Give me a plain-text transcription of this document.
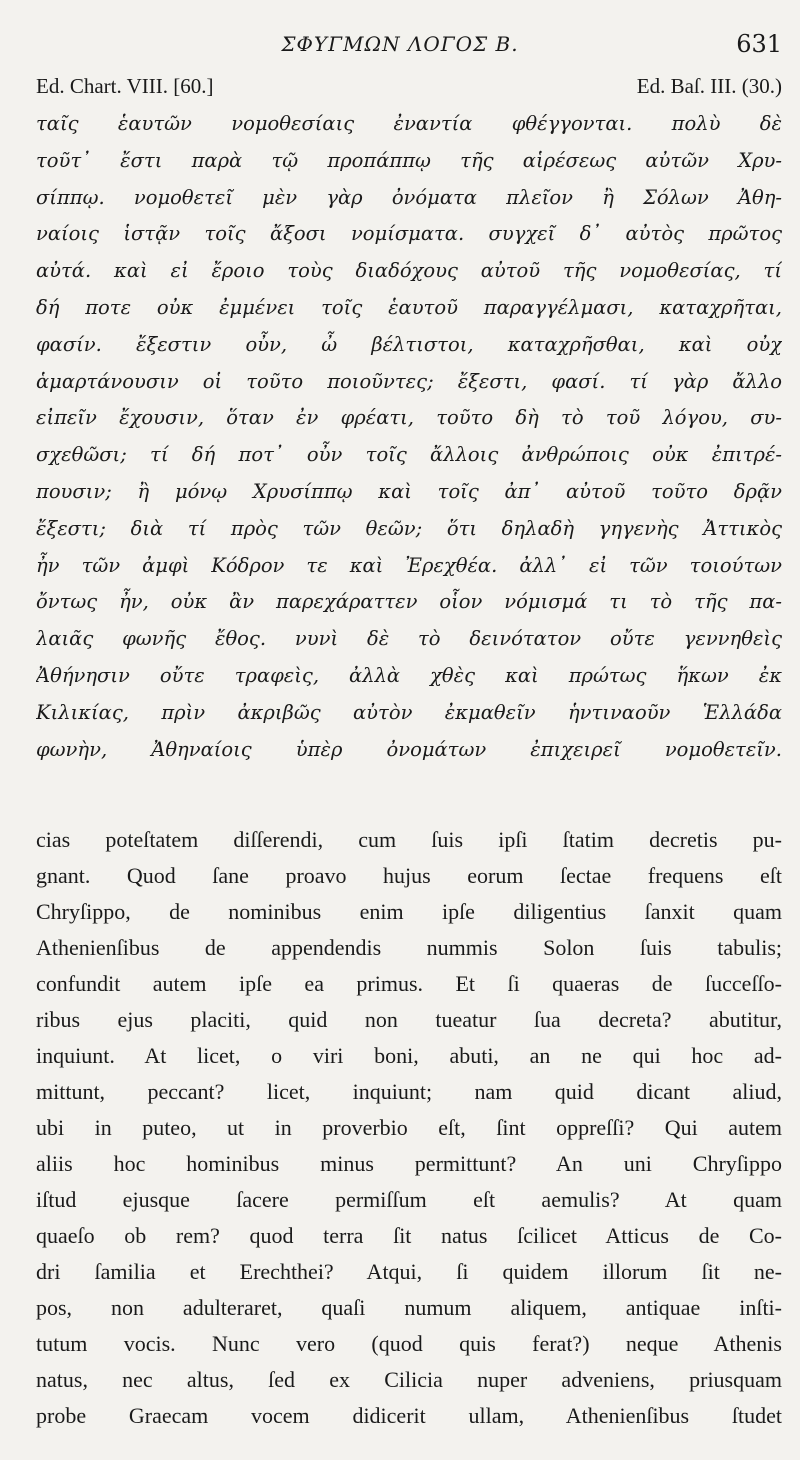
ΣΦΥΓΜΩΝ ΛΟΓΟΣ Β.	631
Ed. Chart. VIII. [60.]	Ed. Baſ. III. (30.)
ταῖς ἑαυτῶν νομοθεσίαις ἐναντία φθέγγονται. πολὺ δὲ
τοῦτ᾽ ἔστι παρὰ τῷ προπάππῳ τῆς αἱρέσεως αὐτῶν Χρυ-
σίππῳ. νομοθετεῖ μὲν γὰρ ὀνόματα πλεῖον ἢ Σόλων Ἀθη-
ναίοις ἱστᾷν τοῖς ἄξοσι νομίσματα. συγχεῖ δ᾽ αὐτὸς πρῶτος
αὐτά. καὶ εἰ ἔροιο τοὺς διαδόχους αὐτοῦ τῆς νομοθεσίας, τί
δή ποτε οὐκ ἐμμένει τοῖς ἑαυτοῦ παραγγέλμασι, καταχρῆται,
φασίν. ἔξεστιν οὖν, ὦ βέλτιστοι, καταχρῆσθαι, καὶ οὐχ
ἁμαρτάνουσιν οἱ τοῦτο ποιοῦντες; ἔξεστι, φασί. τί γὰρ ἄλλο
εἰπεῖν ἔχουσιν, ὅταν ἐν φρέατι, τοῦτο δὴ τὸ τοῦ λόγου, συ-
σχεθῶσι; τί δή ποτ᾽ οὖν τοῖς ἄλλοις ἀνθρώποις οὐκ ἐπιτρέ-
πουσιν; ἢ μόνῳ Χρυσίππῳ καὶ τοῖς ἀπ᾽ αὐτοῦ τοῦτο δρᾷν
ἔξεστι; διὰ τί πρὸς τῶν θεῶν; ὅτι δηλαδὴ γηγενὴς Ἀττικὸς
ἦν τῶν ἀμφὶ Κόδρον τε καὶ Ἐρεχθέα. ἀλλ᾽ εἰ τῶν τοιούτων
ὄντως ἦν, οὐκ ἂν παρεχάραττεν οἷον νόμισμά τι τὸ τῆς πα-
λαιᾶς φωνῆς ἔθος. νυνὶ δὲ τὸ δεινότατον οὔτε γεννηθεὶς
Ἀθήνησιν οὔτε τραφεὶς, ἀλλὰ χθὲς καὶ πρώτως ἥκων ἐκ
Κιλικίας, πρὶν ἀκριβῶς αὐτὸν ἐκμαθεῖν ἡντιναοῦν Ἑλλάδα
φωνὴν, Ἀθηναίοις ὑπὲρ ὀνομάτων ἐπιχειρεῖ νομοθετεῖν.
cias poteſtatem diſſerendi, cum ſuis ipſi ſtatim decretis pu-
gnant. Quod ſane proavo hujus eorum ſectae frequens eſt
Chryſippo, de nominibus enim ipſe diligentius ſanxit quam
Athenienſibus de appendendis nummis Solon ſuis tabulis;
confundit autem ipſe ea primus. Et ſi quaeras de ſucceſſo-
ribus ejus placiti, quid non tueatur ſua decreta? abutitur,
inquiunt. At licet, o viri boni, abuti, an ne qui hoc ad-
mittunt, peccant? licet, inquiunt; nam quid dicant aliud,
ubi in puteo, ut in proverbio eſt, ſint oppreſſi? Qui autem
aliis hoc hominibus minus permittunt? An uni Chryſippo
iſtud ejusque ſacere permiſſum eſt aemulis? At quam
quaeſo ob rem? quod terra ſit natus ſcilicet Atticus de Co-
dri ſamilia et Erechthei? Atqui, ſi quidem illorum ſit ne-
pos, non adulteraret, quaſi numum aliquem, antiquae inſti-
tutum vocis. Nunc vero (quod quis ferat?) neque Athenis
natus, nec altus, ſed ex Cilicia nuper adveniens, priusquam
probe Graecam vocem didicerit ullam, Athenienſibus ſtudet
